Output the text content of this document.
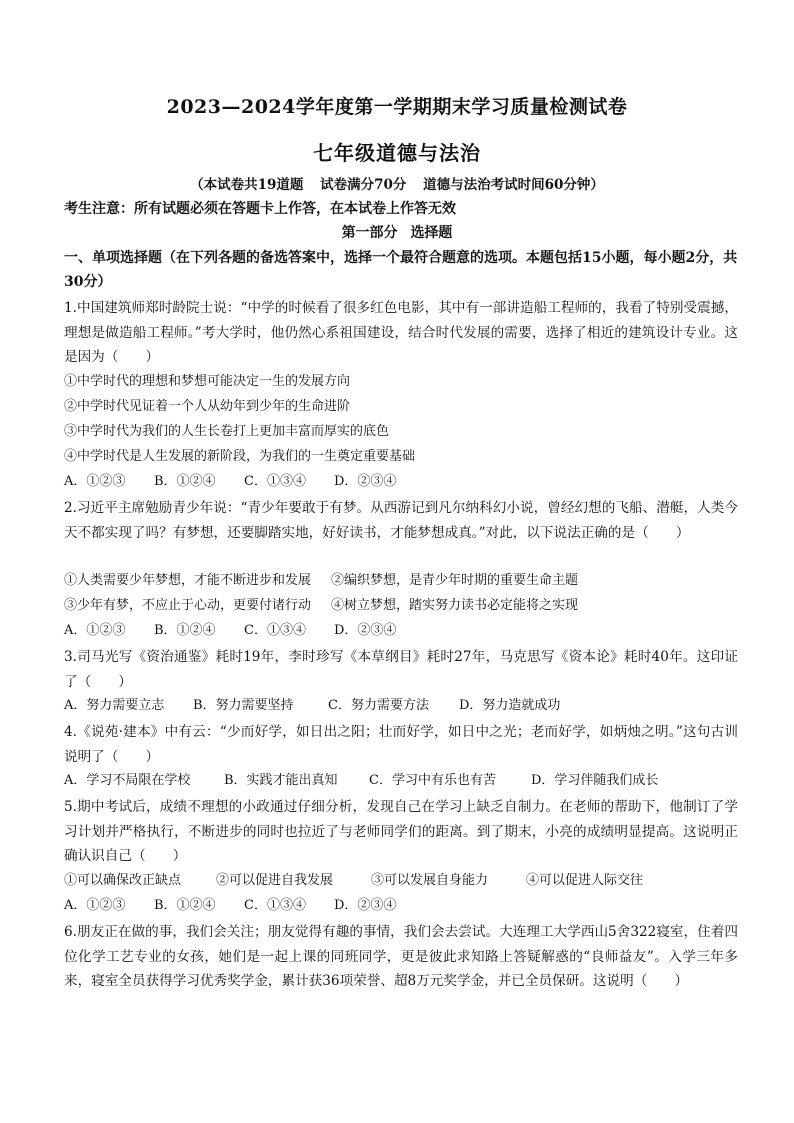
2023—2024学年度第一学期期末学习质量检测试卷
七年级道德与法治
（本试卷共19道题 试卷满分70分 道德与法治考试时间60分钟）
考生注意：所有试题必须在答题卡上作答，在本试卷上作答无效
第一部分 选择题
一、单项选择题（在下列各题的备选答案中，选择一个最符合题意的选项。本题包括15小题，每小题2分，共30分）
1.中国建筑师郑时龄院士说：“中学的时候看了很多红色电影，其中有一部讲造船工程师的，我看了特别受震撼，理想是做造船工程师。”考大学时，他仍然心系祖国建设，结合时代发展的需要，选择了相近的建筑设计专业。这是因为（　　）
①中学时代的理想和梦想可能决定一生的发展方向
②中学时代见证着一个人从幼年到少年的生命进阶
③中学时代为我们的人生长卷打上更加丰富而厚实的底色
④中学时代是人生发展的新阶段，为我们的一生奠定重要基础
A．①②③ B．①②④ C．①③④ D．②③④
2.习近平主席勉励青少年说：“青少年要敢于有梦。从西游记到凡尔纳科幻小说，曾经幻想的飞船、潜艇，人类今天不都实现了吗？有梦想，还要脚踏实地，好好读书，才能梦想成真。”对此，以下说法正确的是（　　）
①人类需要少年梦想，才能不断进步和发展 ②编织梦想，是青少年时期的重要生命主题
③少年有梦，不应止于心动，更要付诸行动 ④树立梦想，踏实努力读书必定能将之实现
A．①②③ B．①②④ C．①③④ D．②③④
3.司马光写《资治通鉴》耗时19年，李时珍写《本草纲目》耗时27年，马克思写《资本论》耗时40年。这印证了（　　）
A．努力需要立志 B．努力需要坚持	C．努力需要方法 D．努力造就成功
4.《说苑·建本》中有云：“少而好学，如日出之阳；壮而好学，如日中之光；老而好学，如炳烛之明。”这句古训说明了（　　）
A．学习不局限在学校	B．实践才能出真知 C．学习中有乐也有苦	D．学习伴随我们成长
5.期中考试后，成绩不理想的小政通过仔细分析，发现自己在学习上缺乏自制力。在老师的帮助下，他制订了学习计划并严格执行，不断进步的同时也拉近了与老师同学们的距离。到了期末，小亮的成绩明显提高。这说明正确认识自己（　　）
①可以确保改正缺点	②可以促进自我发展	③可以发展自身能力	④可以促进人际交往
A．①②③ B．①②④ C．①③④ D．②③④
6.朋友正在做的事，我们会关注；朋友觉得有趣的事情，我们会去尝试。大连理工大学西山5舍322寝室，住着四位化学工艺专业的女孩，她们是一起上课的同班同学，更是彼此求知路上答疑解惑的“良师益友”。入学三年多来，寝室全员获得学习优秀奖学金，累计获36项荣誉、超8万元奖学金，并已全员保研。这说明（　　）
